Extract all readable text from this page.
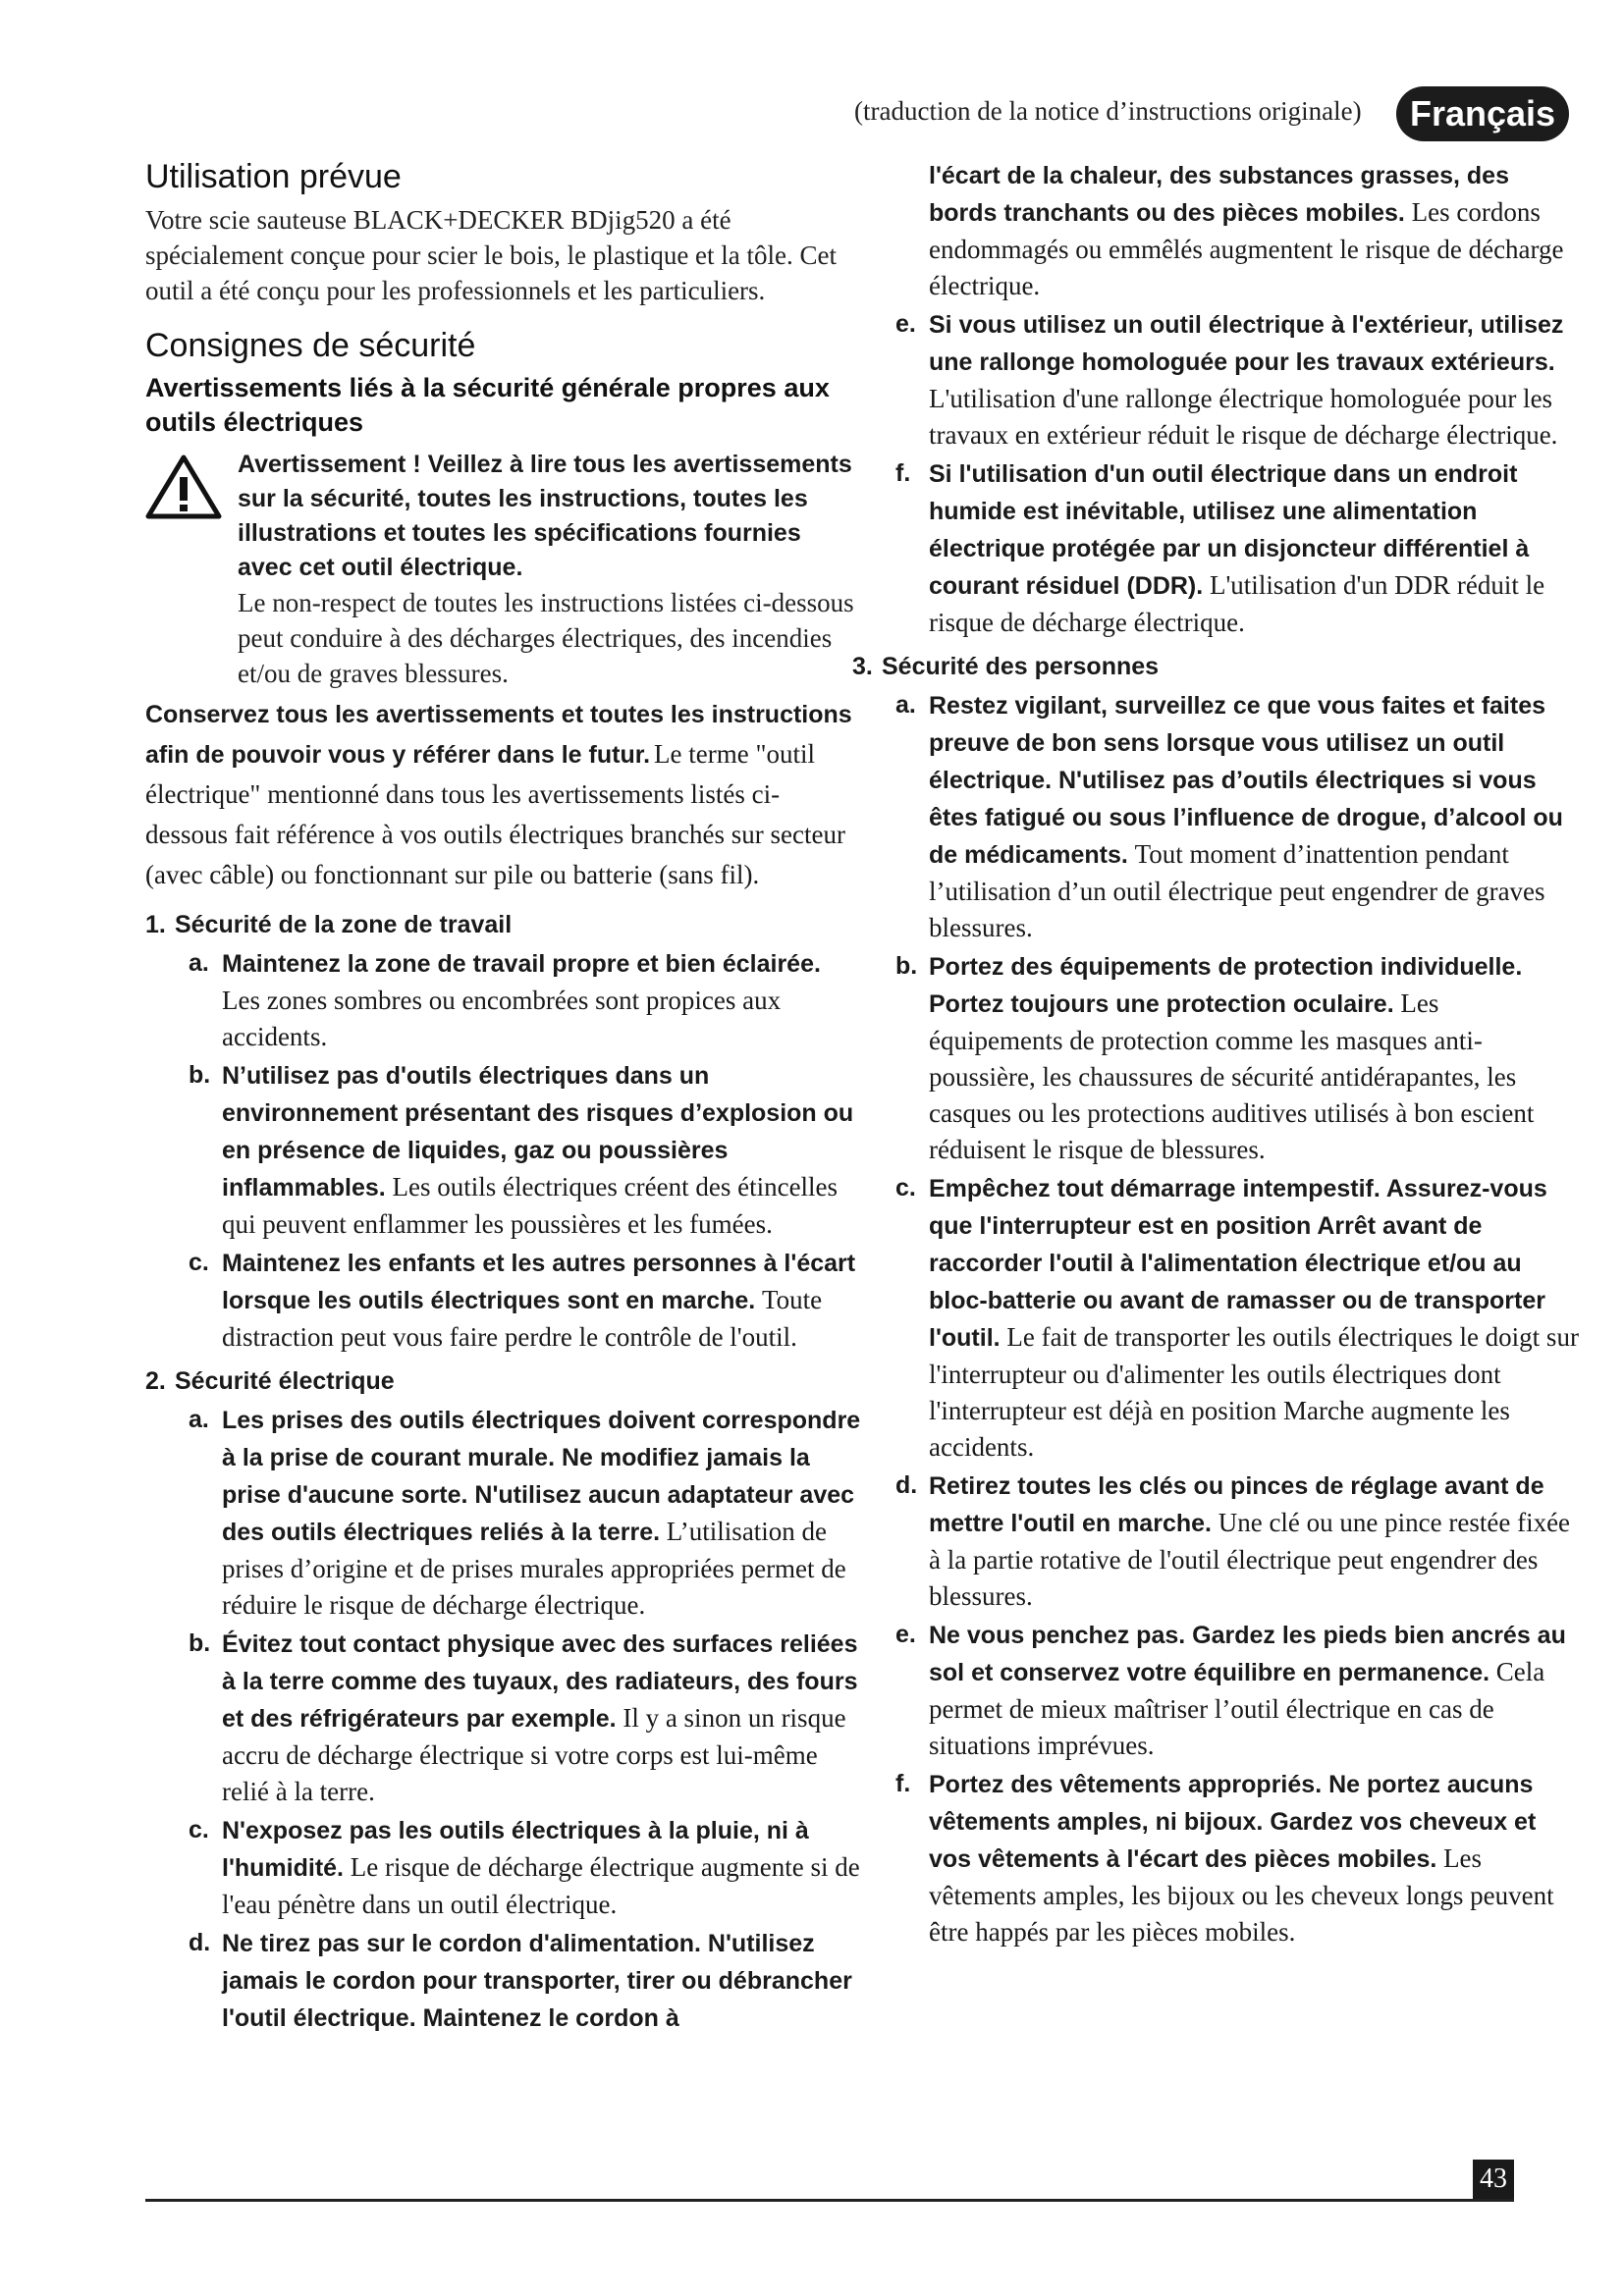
(traduction de la notice d’instructions originale)	Français
Utilisation prévue

Votre scie sauteuse BLACK+DECKER BDjig520 a été spécialement conçue pour scier le bois, le plastique et la tôle. Cet outil a été conçu pour les professionnels et les particuliers.

Consignes de sécurité
Avertissements liés à la sécurité générale propres aux outils électriques

Avertissement ! Veillez à lire tous les avertissements sur la sécurité, toutes les instructions, toutes les illustrations et toutes les spécifications fournies avec cet outil électrique.

Le non-respect de toutes les instructions listées ci-dessous peut conduire à des décharges électriques, des incendies et/ou de graves blessures.

Conservez tous les avertissements et toutes les instructions afin de pouvoir vous y référer dans le futur. Le terme "outil électrique" mentionné dans tous les avertissements listés ci-dessous fait référence à vos outils électriques branchés sur secteur (avec câble) ou fonctionnant sur pile ou batterie (sans fil).

1. Sécurité de la zone de travail
a. Maintenez la zone de travail propre et bien éclairée. Les zones sombres ou encombrées sont propices aux accidents.
b. N’utilisez pas d'outils électriques dans un environnement présentant des risques d’explosion ou en présence de liquides, gaz ou poussières inflammables. Les outils électriques créent des étincelles qui peuvent enflammer les poussières et les fumées.
c. Maintenez les enfants et les autres personnes à l'écart lorsque les outils électriques sont en marche. Toute distraction peut vous faire perdre le contrôle de l'outil.
2. Sécurité électrique
a. Les prises des outils électriques doivent correspondre à la prise de courant murale. Ne modifiez jamais la prise d'aucune sorte. N'utilisez aucun adaptateur avec des outils électriques reliés à la terre. L’utilisation de prises d’origine et de prises murales appropriées permet de réduire le risque de décharge électrique.
b. Évitez tout contact physique avec des surfaces reliées à la terre comme des tuyaux, des radiateurs, des fours et des réfrigérateurs par exemple. Il y a sinon un risque accru de décharge électrique si votre corps est lui-même relié à la terre.
c. N'exposez pas les outils électriques à la pluie, ni à l'humidité. Le risque de décharge électrique augmente si de l'eau pénètre dans un outil électrique.
d. Ne tirez pas sur le cordon d'alimentation. N'utilisez jamais le cordon pour transporter, tirer ou débrancher l'outil électrique. Maintenez le cordon à
l'écart de la chaleur, des substances grasses, des bords tranchants ou des pièces mobiles. Les cordons endommagés ou emmêlés augmentent le risque de décharge électrique.
e. Si vous utilisez un outil électrique à l'extérieur, utilisez une rallonge homologuée pour les travaux extérieurs. L'utilisation d'une rallonge électrique homologuée pour les travaux en extérieur réduit le risque de décharge électrique.
f. Si l'utilisation d'un outil électrique dans un endroit humide est inévitable, utilisez une alimentation électrique protégée par un disjoncteur différentiel à courant résiduel (DDR). L'utilisation d'un DDR réduit le risque de décharge électrique.
3. Sécurité des personnes
a. Restez vigilant, surveillez ce que vous faites et faites preuve de bon sens lorsque vous utilisez un outil électrique. N'utilisez pas d’outils électriques si vous êtes fatigué ou sous l’influence de drogue, d’alcool ou de médicaments. Tout moment d’inattention pendant l’utilisation d’un outil électrique peut engendrer de graves blessures.
b. Portez des équipements de protection individuelle. Portez toujours une protection oculaire. Les équipements de protection comme les masques anti-poussière, les chaussures de sécurité antidérapantes, les casques ou les protections auditives utilisés à bon escient réduisent le risque de blessures.
c. Empêchez tout démarrage intempestif. Assurez-vous que l'interrupteur est en position Arrêt avant de raccorder l'outil à l'alimentation électrique et/ou au bloc-batterie ou avant de ramasser ou de transporter l'outil. Le fait de transporter les outils électriques le doigt sur l'interrupteur ou d'alimenter les outils électriques dont l'interrupteur est déjà en position Marche augmente les accidents.
d. Retirez toutes les clés ou pinces de réglage avant de mettre l'outil en marche. Une clé ou une pince restée fixée à la partie rotative de l'outil électrique peut engendrer des blessures.
e. Ne vous penchez pas. Gardez les pieds bien ancrés au sol et conservez votre équilibre en permanence. Cela permet de mieux maîtriser l’outil électrique en cas de situations imprévues.
f. Portez des vêtements appropriés. Ne portez aucuns vêtements amples, ni bijoux. Gardez vos cheveux et vos vêtements à l'écart des pièces mobiles. Les vêtements amples, les bijoux ou les cheveux longs peuvent être happés par les pièces mobiles.
43
